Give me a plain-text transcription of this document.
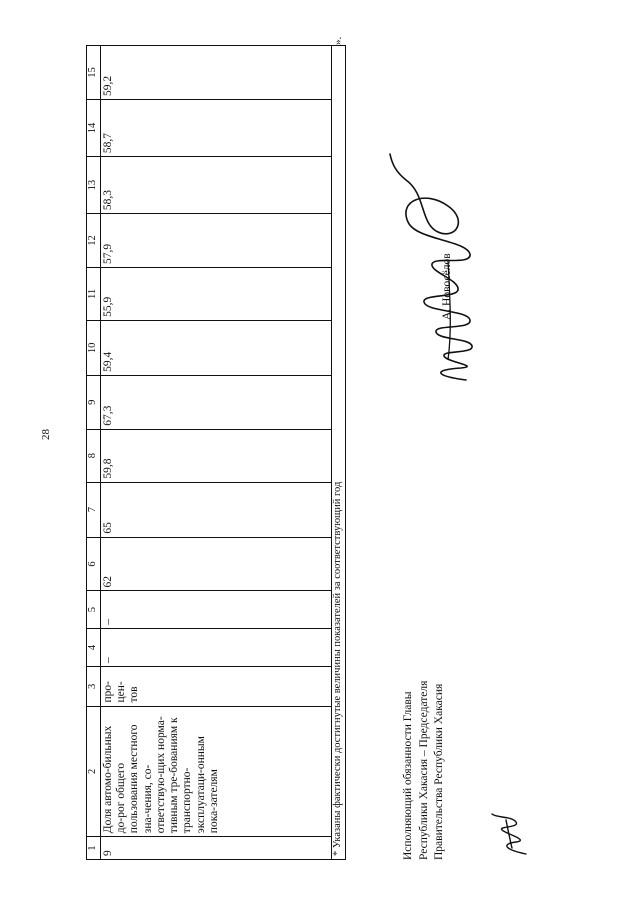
28
1	2	3	4	5	6	7	8	9	10	11	12	13	14	15
9	Доля автомо-бильных до-рог общего пользования местного зна-чения, со-ответствую-щих норма-тивным тре-бованиям к транспортно-эксплуатаци-онным пока-зателям	про-цен-тов	–	–	62	65	59,8	67,3	59,4	55,9	57,9	58,3	58,7	59,2
* Указаны фактически достигнутые величины показателей за соответствующий год														
».
Исполняющий обязанности Главы Республики Хакасия – Председателя Правительства Республики Хакасия
А. Новосёлов
